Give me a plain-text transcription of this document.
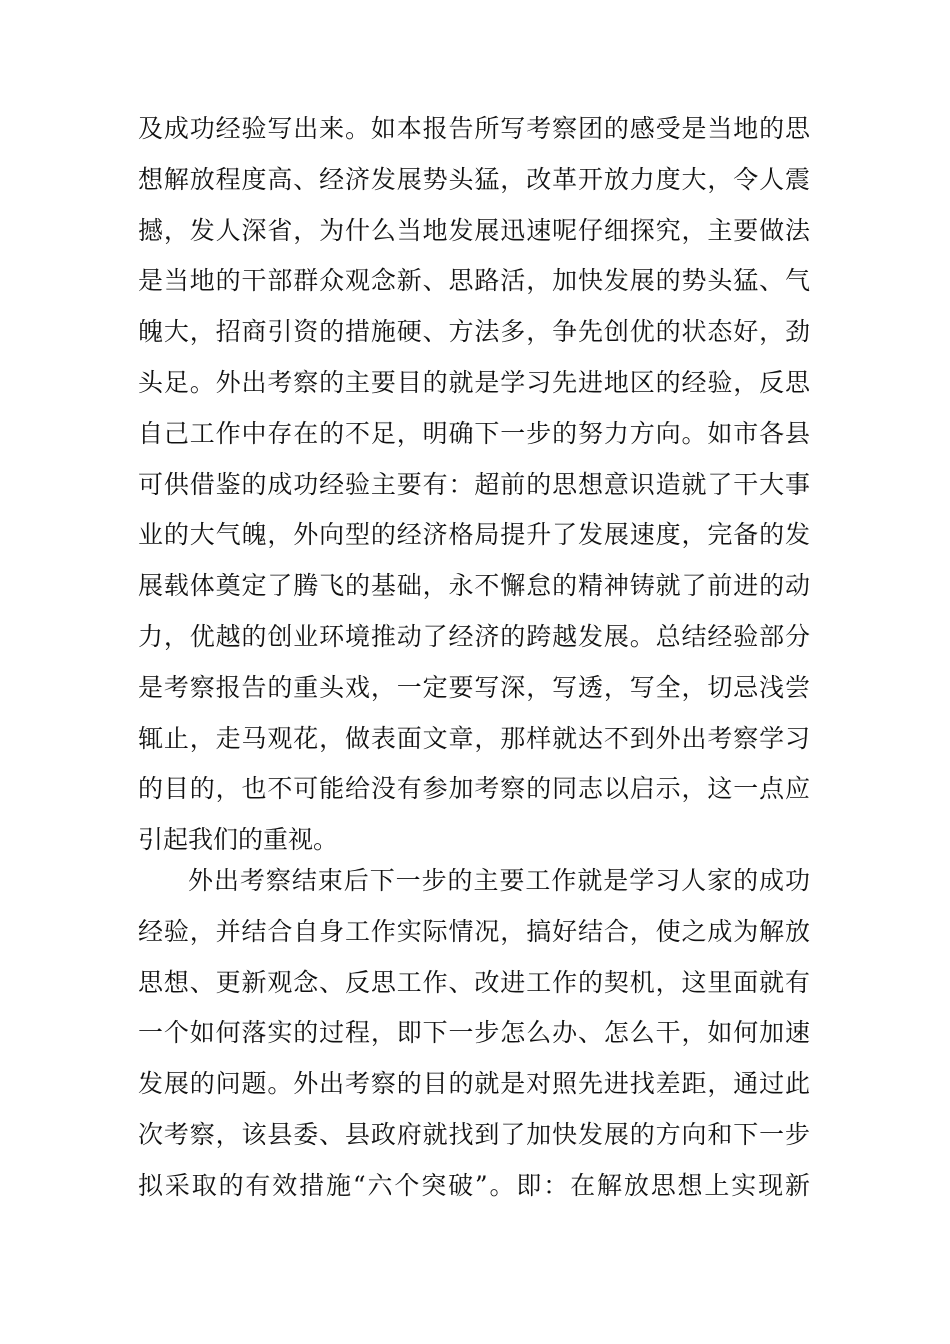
及成功经验写出来。如本报告所写考察团的感受是当地的思
想解放程度高、经济发展势头猛，改革开放力度大，令人震
撼，发人深省，为什么当地发展迅速呢仔细探究，主要做法
是当地的干部群众观念新、思路活，加快发展的势头猛、气
魄大，招商引资的措施硬、方法多，争先创优的状态好，劲
头足。外出考察的主要目的就是学习先进地区的经验，反思
自己工作中存在的不足，明确下一步的努力方向。如市各县
可供借鉴的成功经验主要有：超前的思想意识造就了干大事
业的大气魄，外向型的经济格局提升了发展速度，完备的发
展载体奠定了腾飞的基础，永不懈怠的精神铸就了前进的动
力，优越的创业环境推动了经济的跨越发展。总结经验部分
是考察报告的重头戏，一定要写深，写透，写全，切忌浅尝
辄止，走马观花，做表面文章，那样就达不到外出考察学习
的目的，也不可能给没有参加考察的同志以启示，这一点应
引起我们的重视。
外出考察结束后下一步的主要工作就是学习人家的成功
经验，并结合自身工作实际情况，搞好结合，使之成为解放
思想、更新观念、反思工作、改进工作的契机，这里面就有
一个如何落实的过程，即下一步怎么办、怎么干，如何加速
发展的问题。外出考察的目的就是对照先进找差距，通过此
次考察，该县委、县政府就找到了加快发展的方向和下一步
拟采取的有效措施“六个突破”。即：在解放思想上实现新
